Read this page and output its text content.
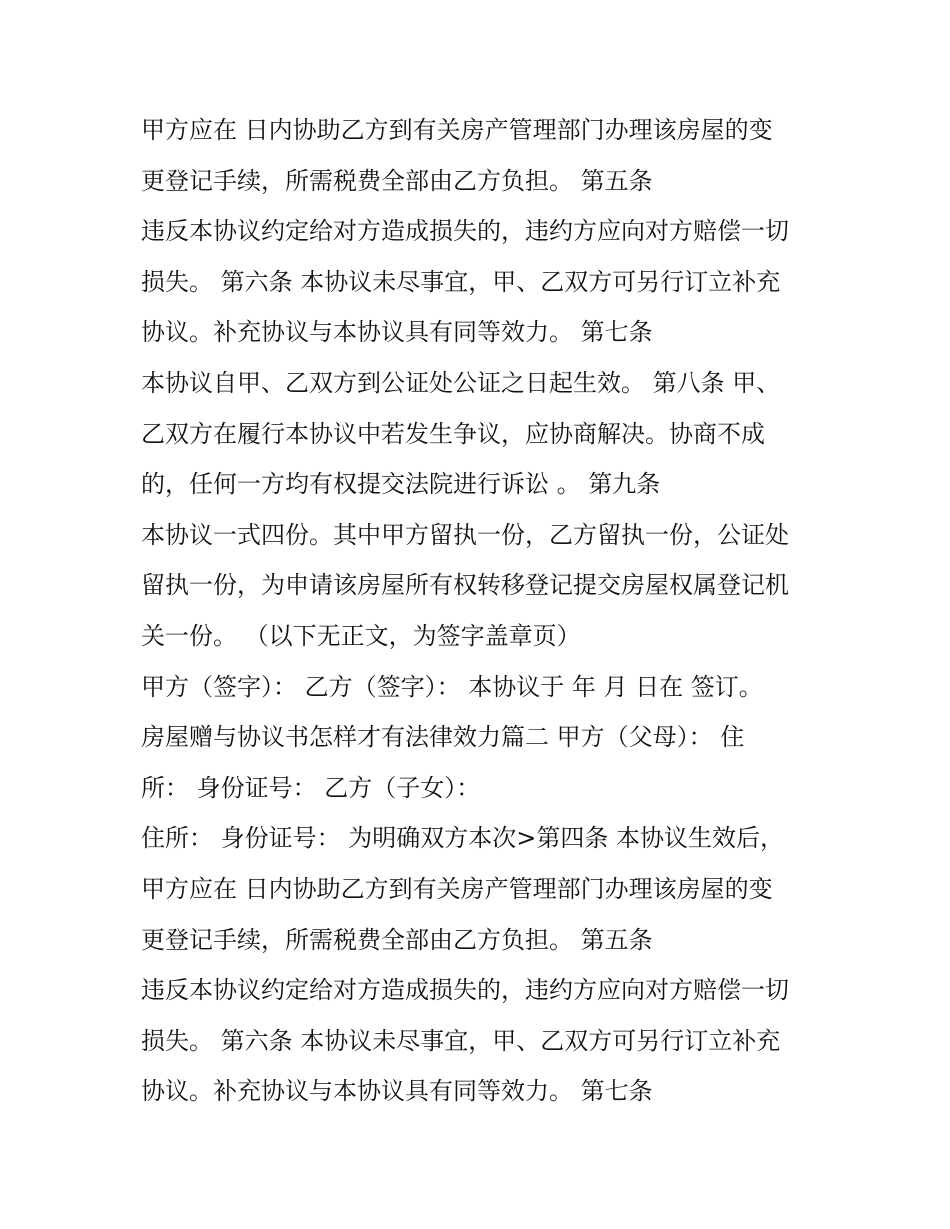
甲方应在 日内协助乙方到有关房产管理部门办理该房屋的变
更登记手续，所需税费全部由乙方负担。 第五条
违反本协议约定给对方造成损失的，违约方应向对方赔偿一切
损失。 第六条 本协议未尽事宜，甲、乙双方可另行订立补充
协议。补充协议与本协议具有同等效力。 第七条
本协议自甲、乙双方到公证处公证之日起生效。 第八条 甲、
乙双方在履行本协议中若发生争议，应协商解决。协商不成
的，任何一方均有权提交法院进行诉讼 。 第九条
本协议一式四份。其中甲方留执一份，乙方留执一份，公证处
留执一份，为申请该房屋所有权转移登记提交房屋权属登记机
关一份。 （以下无正文，为签字盖章页）
甲方（签字）： 乙方（签字）： 本协议于 年 月 日在 签订。
房屋赠与协议书怎样才有法律效力篇二 甲方（父母）： 住
所： 身份证号： 乙方（子女）：
住所： 身份证号： 为明确双方本次>第四条 本协议生效后，
甲方应在 日内协助乙方到有关房产管理部门办理该房屋的变
更登记手续，所需税费全部由乙方负担。 第五条
违反本协议约定给对方造成损失的，违约方应向对方赔偿一切
损失。 第六条 本协议未尽事宜，甲、乙双方可另行订立补充
协议。补充协议与本协议具有同等效力。 第七条
